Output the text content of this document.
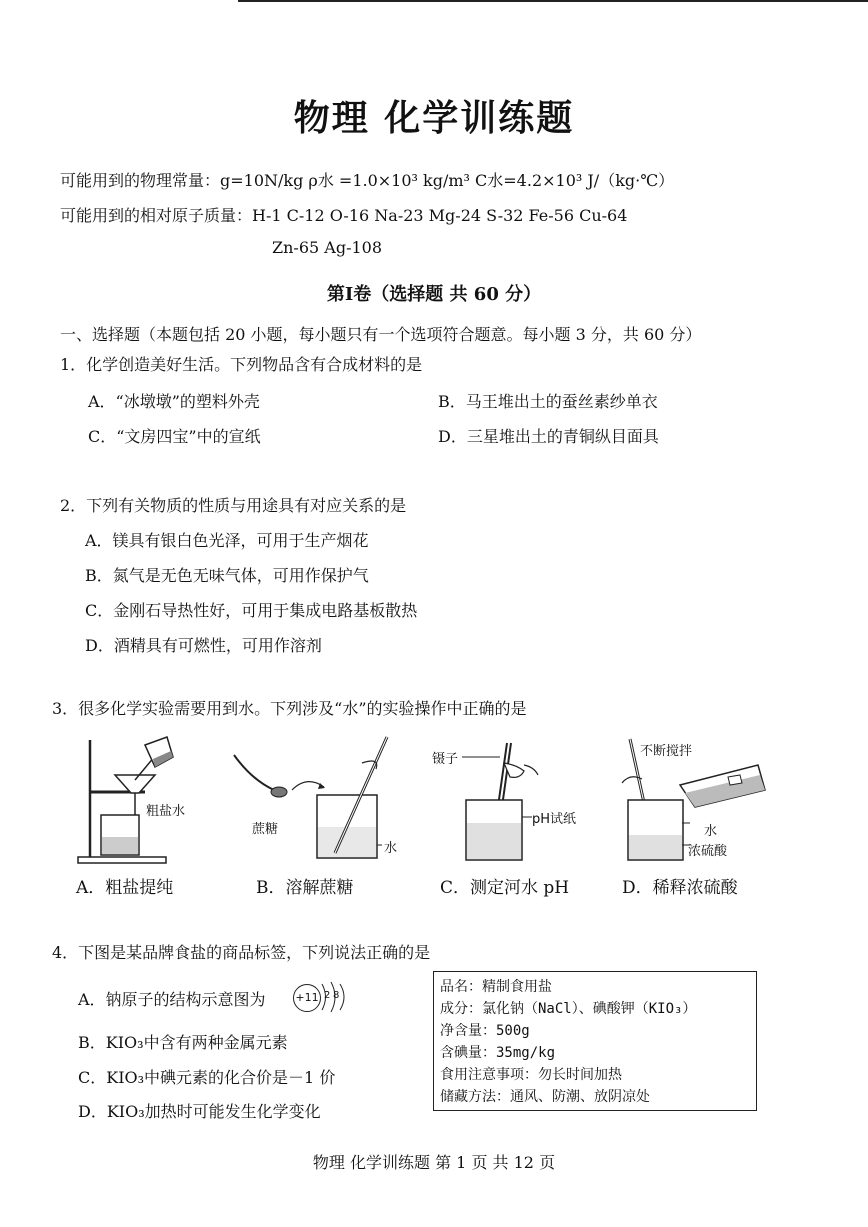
物理 化学训练题
可能用到的物理常量：g=10N/kg ρ水 =1.0×10³ kg/m³ C水=4.2×10³ J/（kg·℃）
可能用到的相对原子质量：H-1 C-12 O-16 Na-23 Mg-24 S-32 Fe-56 Cu-64
Zn-65 Ag-108
第Ⅰ卷（选择题 共 60 分）
一、选择题（本题包括 20 小题，每小题只有一个选项符合题意。每小题 3 分，共 60 分）
1．化学创造美好生活。下列物品含有合成材料的是
A．“冰墩墩”的塑料外壳	B．马王堆出土的蚕丝素纱单衣
C．“文房四宝”中的宣纸	D．三星堆出土的青铜纵目面具
2．下列有关物质的性质与用途具有对应关系的是
A．镁具有银白色光泽，可用于生产烟花
B．氮气是无色无味气体，可用作保护气
C．金刚石导热性好，可用于集成电路基板散热
D．酒精具有可燃性，可用作溶剂
3．很多化学实验需要用到水。下列涉及“水”的实验操作中正确的是
粗盐水
蔗糖
水
镊子
pH试纸
不断搅拌
水
浓硫酸
A．粗盐提纯	B．溶解蔗糖	C．测定河水 pH	D．稀释浓硫酸
4．下图是某品牌食盐的商品标签，下列说法正确的是
A．钠原子的结构示意图为	+11 2 8
B．KIO₃中含有两种金属元素
C．KIO₃中碘元素的化合价是－1 价
D．KIO₃加热时可能发生化学变化
品名：精制食用盐
成分：氯化钠（NaCl）、碘酸钾（KIO₃）
净含量：500g
含碘量：35mg/kg
食用注意事项：勿长时间加热
储藏方法：通风、防潮、放阴凉处
物理 化学训练题 第 1 页 共 12 页
